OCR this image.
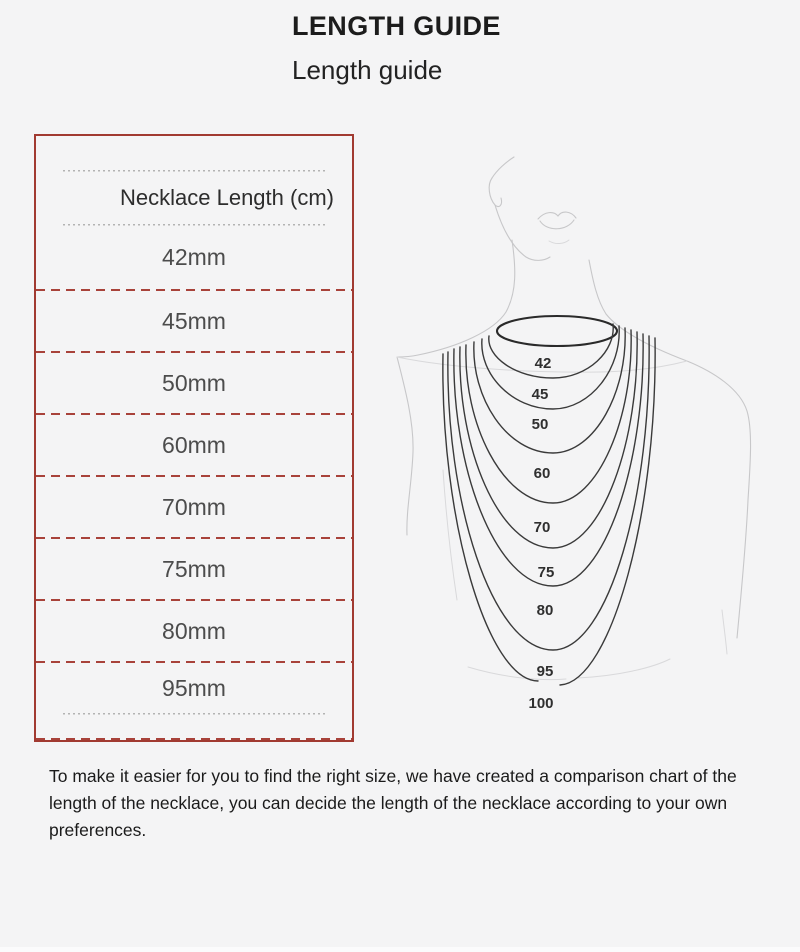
LENGTH GUIDE
Length guide
Necklace Length (cm)
42mm
45mm
50mm
60mm
70mm
75mm
80mm
95mm
42
45
50
60
70
75
80
95
100

To make it easier for you to find the right size, we have created a comparison chart of the length of the necklace, you can decide the length of the necklace according to your own preferences.
